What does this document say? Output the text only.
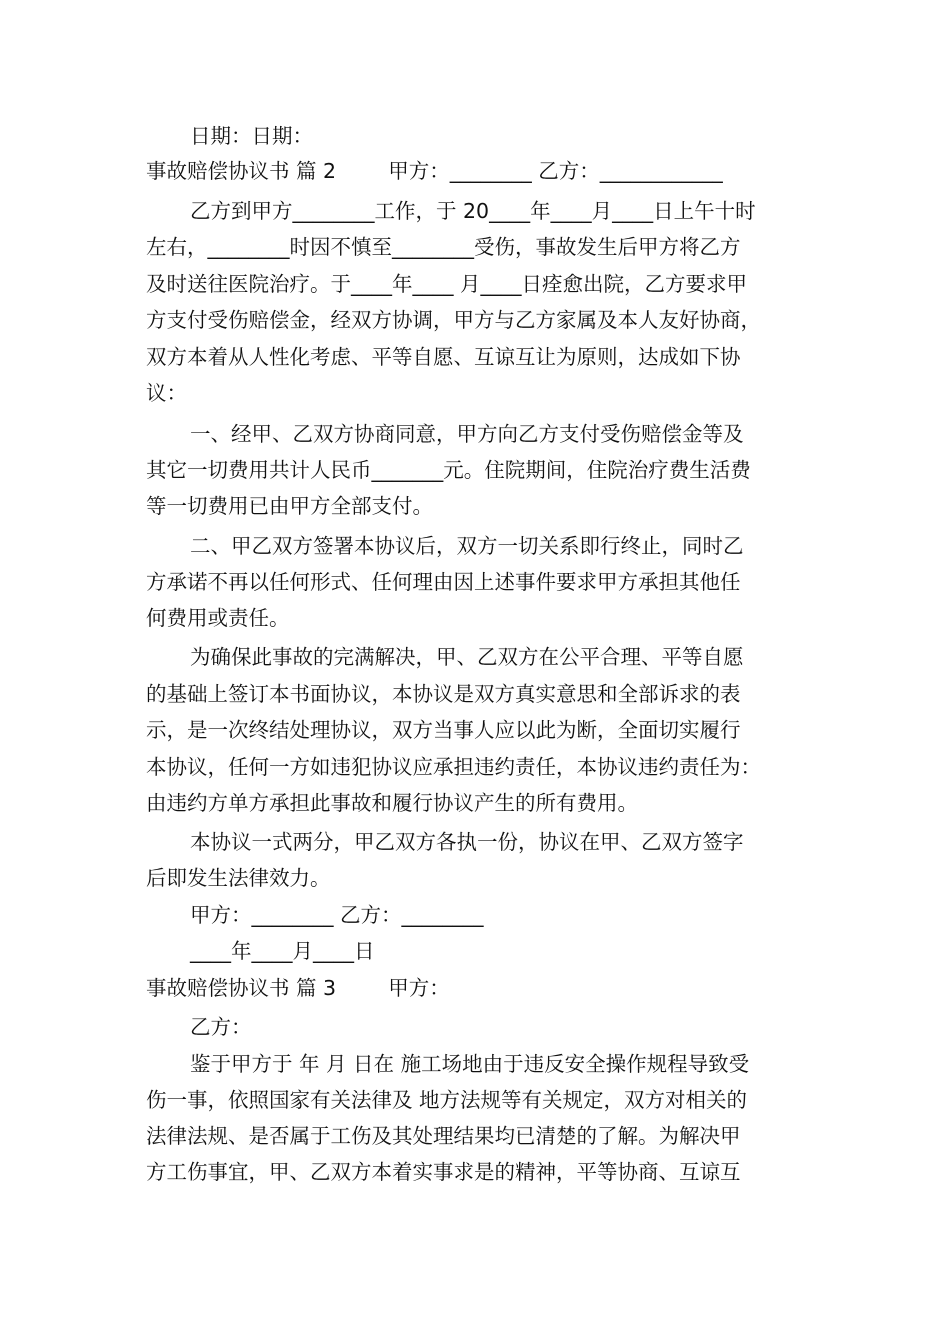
日期：日期：
事故赔偿协议书 篇 2        甲方：________ 乙方：____________
乙方到甲方________工作，于 20____年____月____日上午十时
左右，________时因不慎至________受伤，事故发生后甲方将乙方
及时送往医院治疗。于____年____ 月____日痊愈出院，乙方要求甲
方支付受伤赔偿金，经双方协调，甲方与乙方家属及本人友好协商，
双方本着从人性化考虑、平等自愿、互谅互让为原则，达成如下协
议：
一、经甲、乙双方协商同意，甲方向乙方支付受伤赔偿金等及
其它一切费用共计人民币_______元。住院期间，住院治疗费生活费
等一切费用已由甲方全部支付。
二、甲乙双方签署本协议后，双方一切关系即行终止，同时乙
方承诺不再以任何形式、任何理由因上述事件要求甲方承担其他任
何费用或责任。
为确保此事故的完满解决，甲、乙双方在公平合理、平等自愿
的基础上签订本书面协议，本协议是双方真实意思和全部诉求的表
示，是一次终结处理协议，双方当事人应以此为断，全面切实履行
本协议，任何一方如违犯协议应承担违约责任，本协议违约责任为：
由违约方单方承担此事故和履行协议产生的所有费用。
本协议一式两分，甲乙双方各执一份，协议在甲、乙双方签字
后即发生法律效力。
甲方：________ 乙方：________
____年____月____日
事故赔偿协议书 篇 3        甲方：
乙方：
鉴于甲方于 年 月 日在 施工场地由于违反安全操作规程导致受
伤一事，依照国家有关法律及 地方法规等有关规定，双方对相关的
法律法规、是否属于工伤及其处理结果均已清楚的了解。为解决甲
方工伤事宜，甲、乙双方本着实事求是的精神，平等协商、互谅互
